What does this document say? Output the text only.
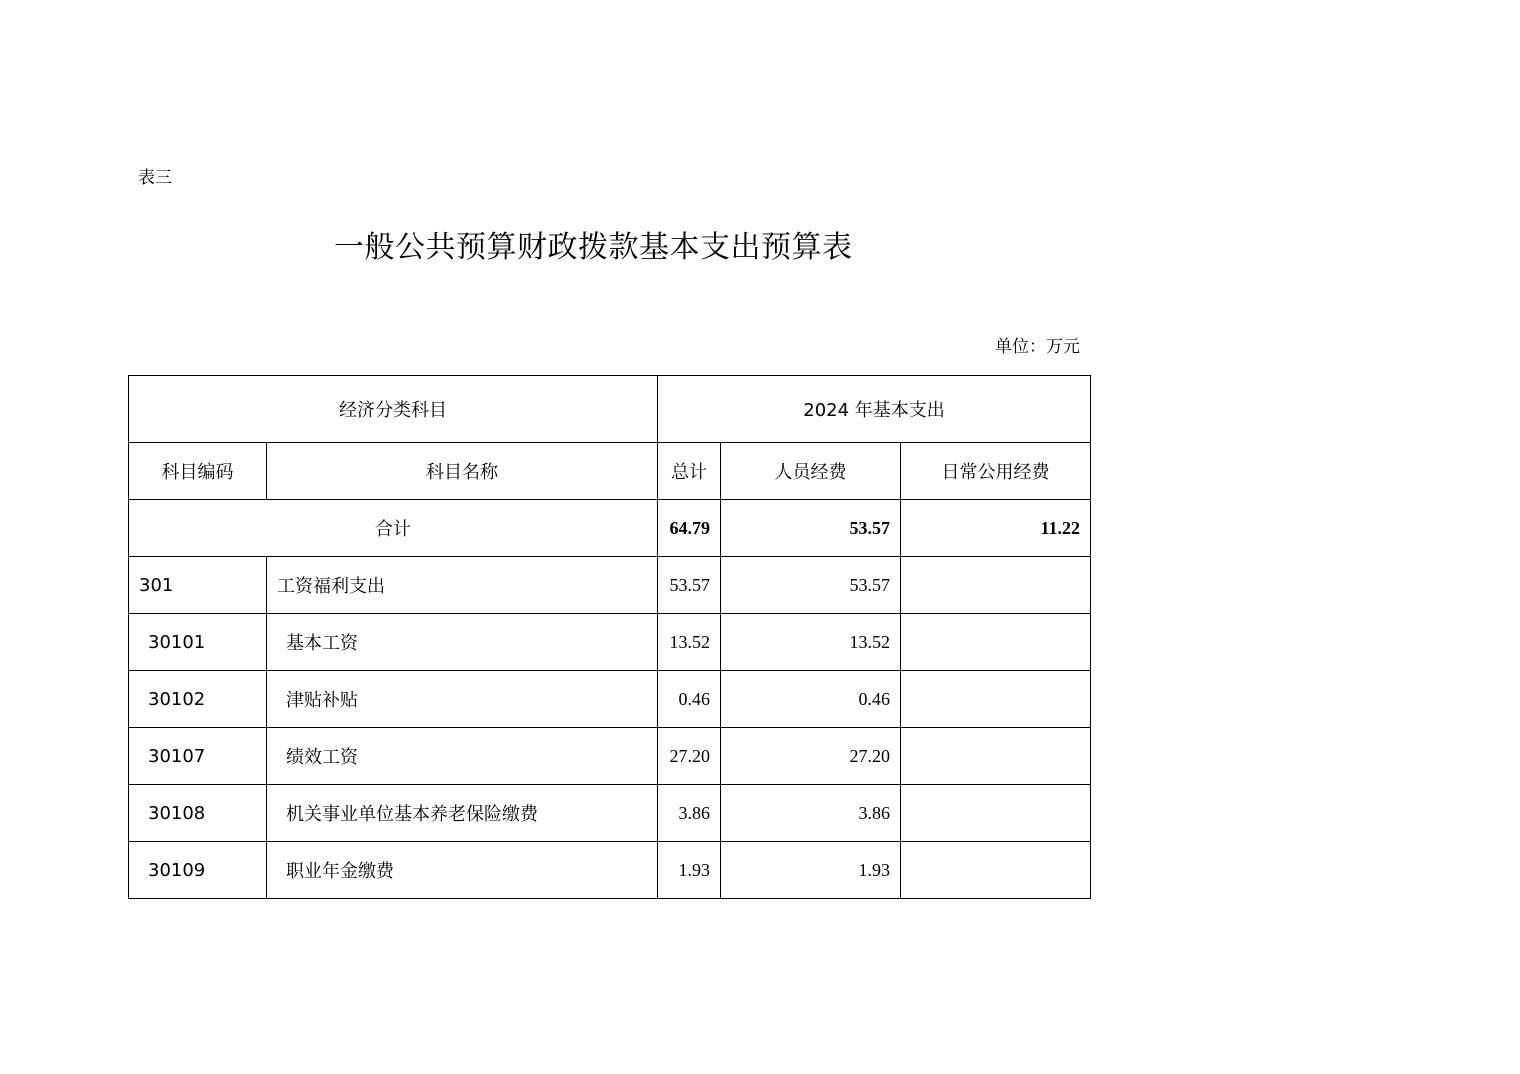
表三
一般公共预算财政拨款基本支出预算表
单位：万元
经济分类科目		2024 年基本支出		
科目编码	科目名称	总计	人员经费	日常公用经费
合计		64.79	53.57	11.22
301	工资福利支出	53.57	53.57	
30101	基本工资	13.52	13.52	
30102	津贴补贴	0.46	0.46	
30107	绩效工资	27.20	27.20	
30108	机关事业单位基本养老保险缴费	3.86	3.86	
30109	职业年金缴费	1.93	1.93	
